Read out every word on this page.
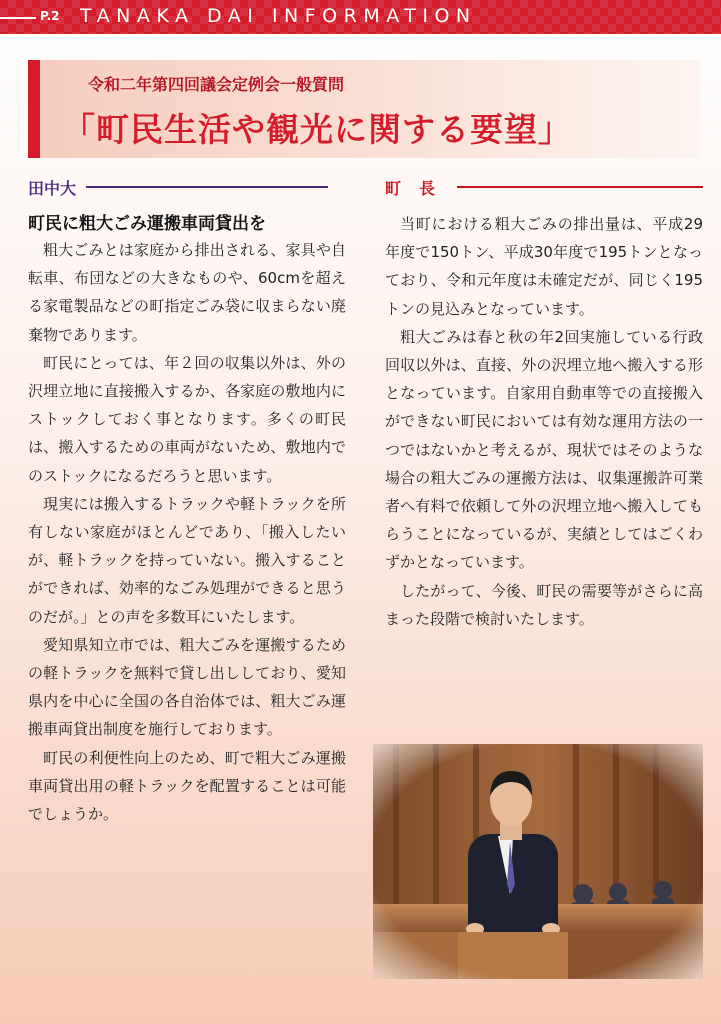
P.2 TANAKA DAI INFORMATION
令和二年第四回議会定例会一般質問
「町民生活や観光に関する要望」
田中大
町民に粗大ごみ運搬車両貸出を

粗大ごみとは家庭から排出される、家具や自転車、布団などの大きなものや、60cmを超える家電製品などの町指定ごみ袋に収まらない廃棄物であります。

町民にとっては、年２回の収集以外は、外の沢埋立地に直接搬入するか、各家庭の敷地内にストックしておく事となります。多くの町民は、搬入するための車両がないため、敷地内でのストックになるだろうと思います。

現実には搬入するトラックや軽トラックを所有しない家庭がほとんどであり、「搬入したいが、軽トラックを持っていない。搬入することができれば、効率的なごみ処理ができると思うのだが。」との声を多数耳にいたします。

愛知県知立市では、粗大ごみを運搬するための軽トラックを無料で貸し出ししており、愛知県内を中心に全国の各自治体では、粗大ごみ運搬車両貸出制度を施行しております。

町民の利便性向上のため、町で粗大ごみ運搬車両貸出用の軽トラックを配置することは可能でしょうか。

町長

当町における粗大ごみの排出量は、平成29年度で150トン、平成30年度で195トンとなっており、令和元年度は未確定だが、同じく195トンの見込みとなっています。

粗大ごみは春と秋の年2回実施している行政回収以外は、直接、外の沢埋立地へ搬入する形となっています。自家用自動車等での直接搬入ができない町民においては有効な運用方法の一つではないかと考えるが、現状ではそのような場合の粗大ごみの運搬方法は、収集運搬許可業者へ有料で依頼して外の沢埋立地へ搬入してもらうことになっているが、実績としてはごくわずかとなっています。

したがって、今後、町民の需要等がさらに高まった段階で検討いたします。
